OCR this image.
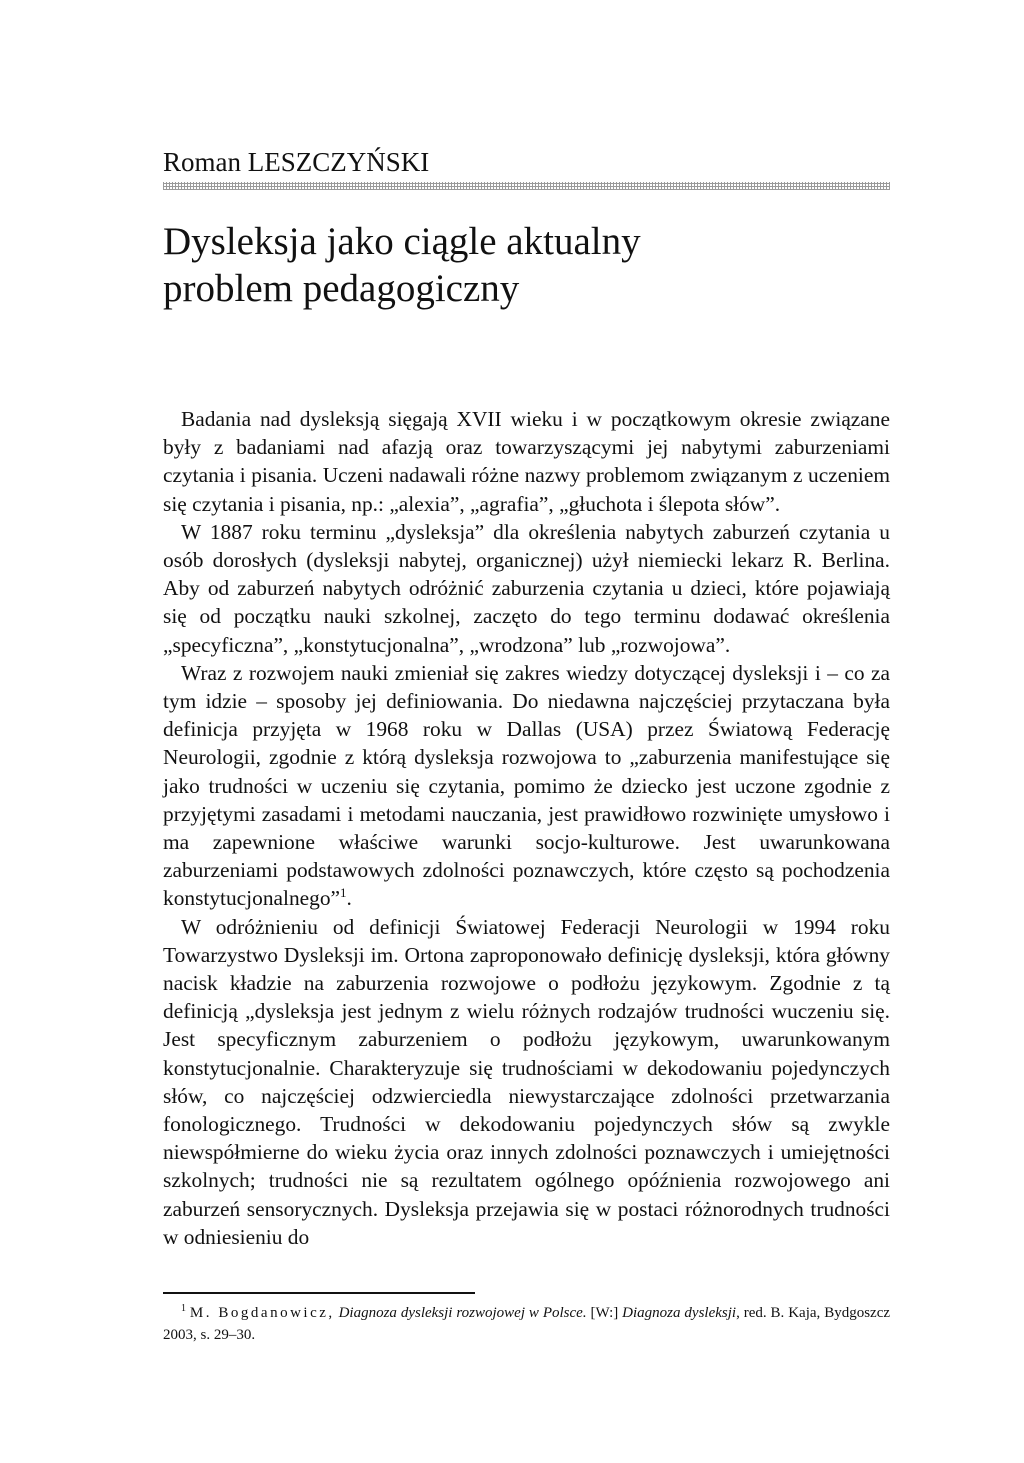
Roman LESZCZYŃSKI
Dysleksja jako ciągle aktualny
problem pedagogiczny

Badania nad dysleksją sięgają XVII wieku i w początkowym okresie związane były z badaniami nad afazją oraz towarzyszącymi jej nabytymi zaburzeniami czytania i pisania. Uczeni nadawali różne nazwy problemom związanym z uczeniem się czytania i pisania, np.: „alexia”, „agrafia”, „głuchota i ślepota słów”.

W 1887 roku terminu „dysleksja” dla określenia nabytych zaburzeń czytania u osób dorosłych (dysleksji nabytej, organicznej) użył niemiecki lekarz R. Berlina. Aby od zaburzeń nabytych odróżnić zaburzenia czytania u dzieci, które pojawiają się od początku nauki szkolnej, zaczęto do tego terminu dodawać określenia „specyficzna”, „konstytucjonalna”, „wrodzona” lub „rozwojowa”.

Wraz z rozwojem nauki zmieniał się zakres wiedzy dotyczącej dysleksji i – co za tym idzie – sposoby jej definiowania. Do niedawna najczęściej przytaczana była definicja przyjęta w 1968 roku w Dallas (USA) przez Światową Federację Neurologii, zgodnie z którą dysleksja rozwojowa to „zaburzenia manifestujące się jako trudności w uczeniu się czytania, pomimo że dziecko jest uczone zgodnie z przyjętymi zasadami i metodami nauczania, jest prawidłowo rozwinięte umysłowo i ma zapewnione właściwe warunki socjo-kulturowe. Jest uwarunkowana zaburzeniami podstawowych zdolności poznawczych, które często są pochodzenia konstytucjonalnego”$^1$.

W odróżnieniu od definicji Światowej Federacji Neurologii w 1994 roku Towarzystwo Dysleksji im. Ortona zaproponowało definicję dysleksji, która główny nacisk kładzie na zaburzenia rozwojowe o podłożu językowym. Zgodnie z tą definicją „dysleksja jest jednym z wielu różnych rodzajów trudności wuczeniu się. Jest specyficznym zaburzeniem o podłożu językowym, uwarunkowanym konstytucjonalnie. Charakteryzuje się trudnościami w dekodowaniu pojedynczych słów, co najczęściej odzwierciedla niewystarczające zdolności przetwarzania fonologicznego. Trudności w dekodowaniu pojedynczych słów są zwykle niewspółmierne do wieku życia oraz innych zdolności poznawczych i umiejętności szkolnych; trudności nie są rezultatem ogólnego opóźnienia rozwojowego ani zaburzeń sensorycznych. Dysleksja przejawia się w postaci różnorodnych trudności w odniesieniu do

$^1$ M. Bogdanowicz, Diagnoza dysleksji rozwojowej w Polsce. [W:] Diagnoza dysleksji, red. B. Kaja, Bydgoszcz 2003, s. 29–30.
